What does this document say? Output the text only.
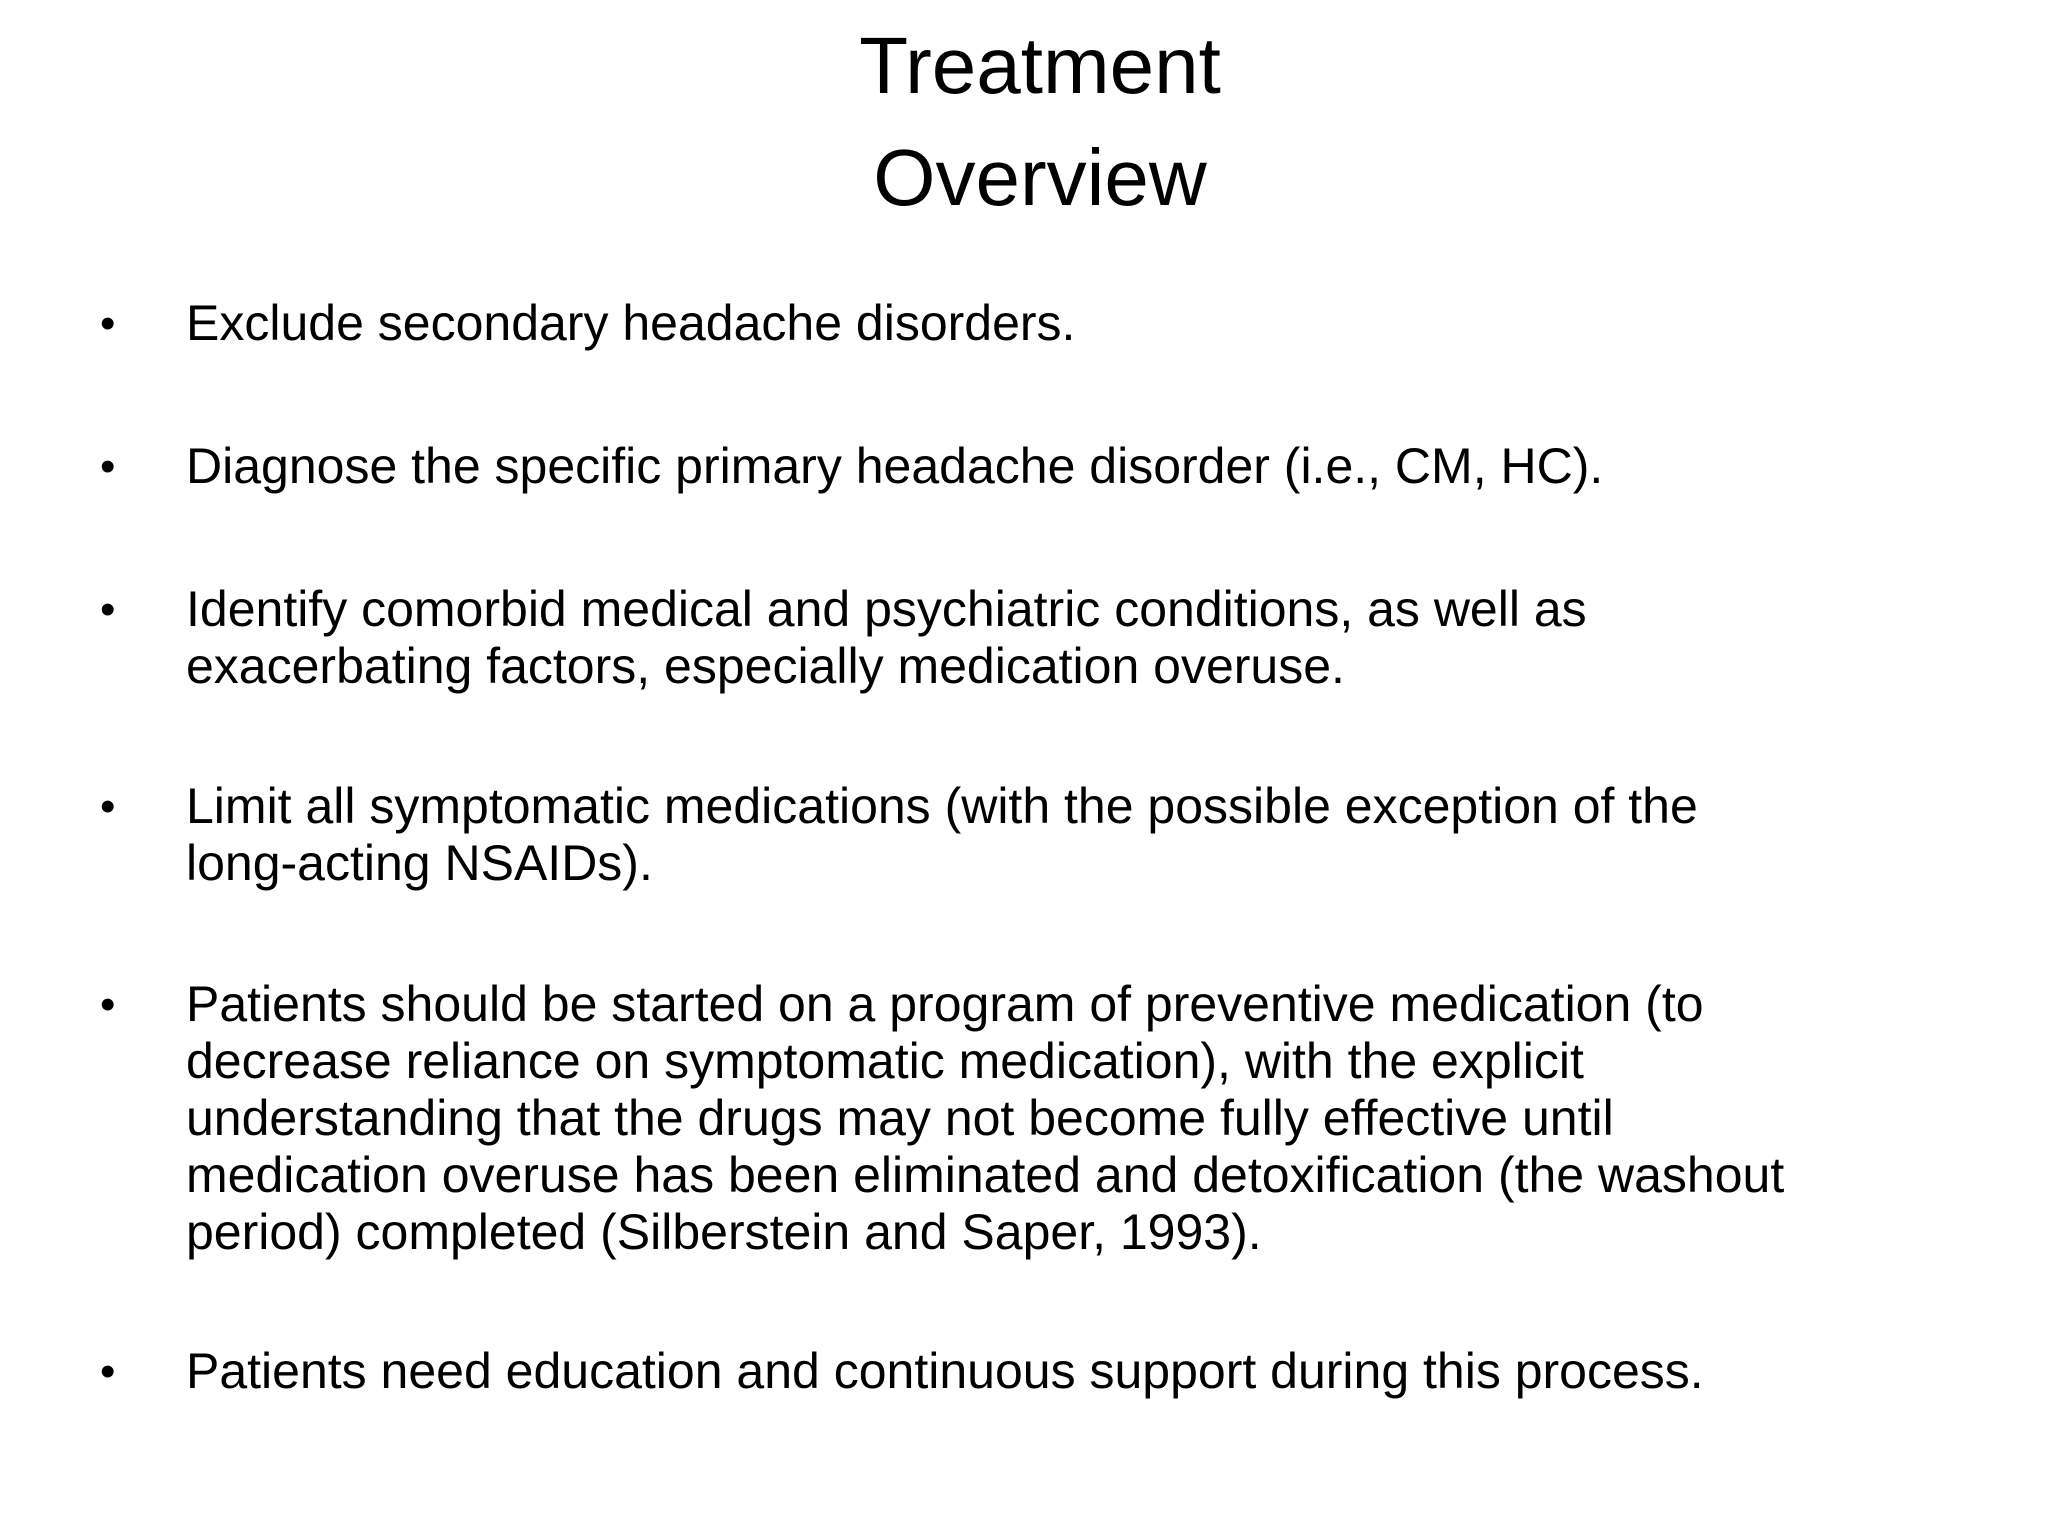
Treatment
Overview
•	Exclude secondary headache disorders.
•	Diagnose the specific primary headache disorder (i.e., CM, HC).
•	Identify comorbid medical and psychiatric conditions, as well as
exacerbating factors, especially medication overuse.
•	Limit all symptomatic medications (with the possible exception of the
long-acting NSAIDs).
•	Patients should be started on a program of preventive medication (to
decrease reliance on symptomatic medication), with the explicit
understanding that the drugs may not become fully effective until
medication overuse has been eliminated and detoxification (the washout
period) completed (Silberstein and Saper, 1993).
•	Patients need education and continuous support during this process.
